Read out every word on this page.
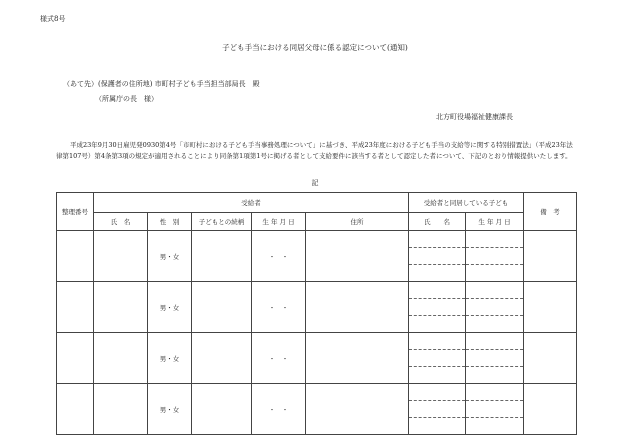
様式8号
子ども手当における同居父母に係る認定について(通知)
（あて先）(保護者の住所地) 市町村子ども手当担当部局長　殿
（所属庁の長　様）
北方町役場福祉健康課長
平成23年9月30日雇児発0930第4号「市町村における子ども手当事務処理について」に基づき、平成23年度における子ども手当の支給等に関する特別措置法」（平成23年法律第107号）第4条第3項の規定が適用されることにより同条第1項第1号に掲げる者として支給要件に該当する者として認定した者について、下記のとおり情報提供いたします。
記
整理番号	受給者					受給者と同居している子ども		備　考
	氏　名	性　別	子どもとの続柄	生 年 月 日	住所	氏　　名	生 年 月 日	
		男・女		・　・		

		男・女		・　・		

		男・女		・　・		

		男・女		・　・		
